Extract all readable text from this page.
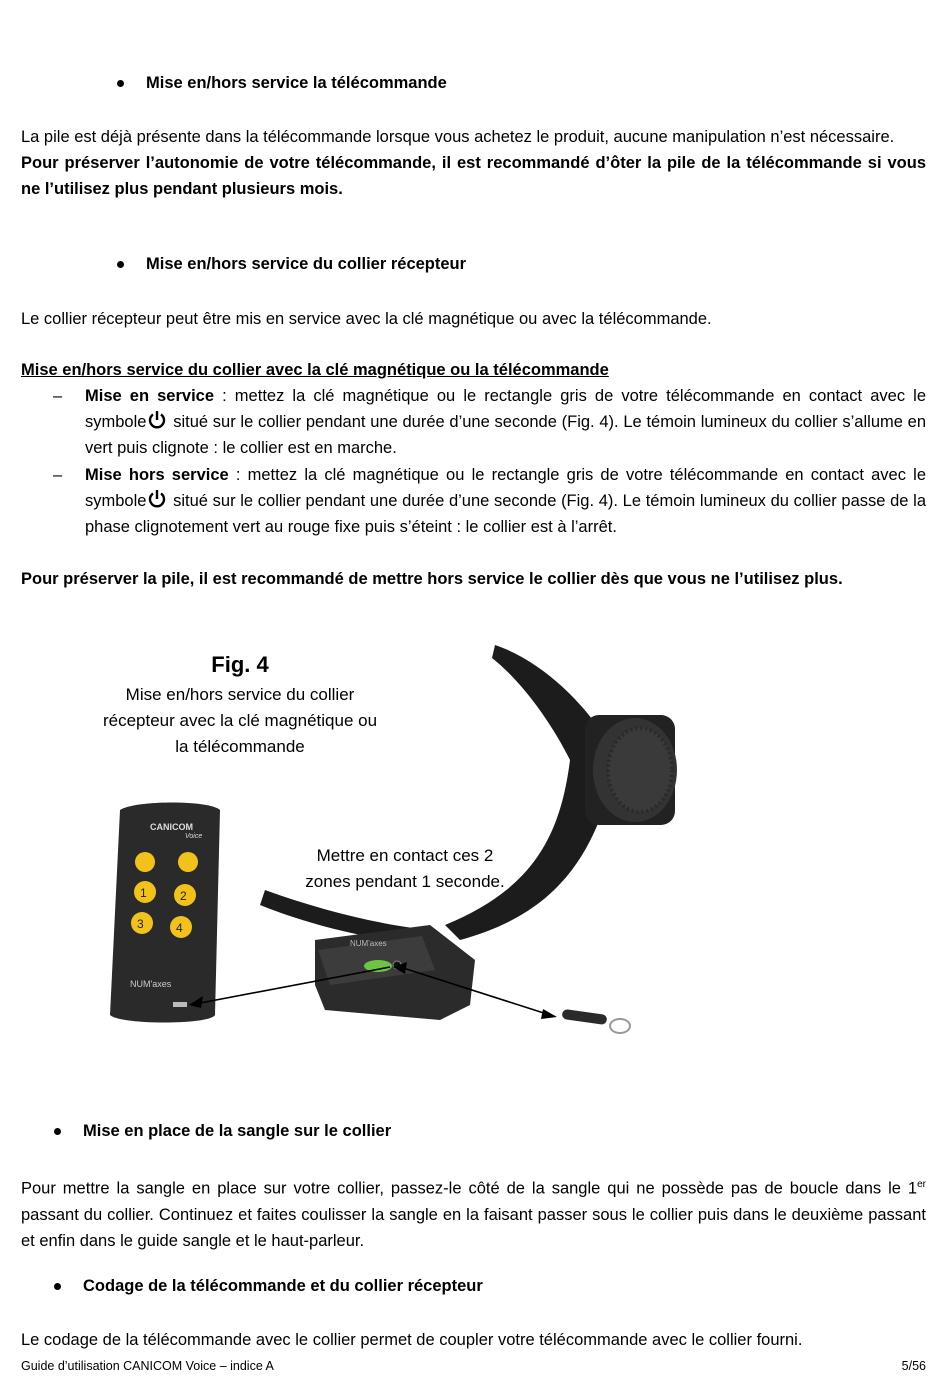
Mise en/hors service la télécommande
La pile est déjà présente dans la télécommande lorsque vous achetez le produit, aucune manipulation n’est nécessaire.
Pour préserver l’autonomie de votre télécommande, il est recommandé d’ôter la pile de la télécommande si vous ne l’utilisez plus pendant plusieurs mois.
Mise en/hors service du collier récepteur
Le collier récepteur peut être mis en service avec la clé magnétique ou avec la télécommande.
Mise en/hors service du collier avec la clé magnétique ou la télécommande
– Mise en service : mettez la clé magnétique ou le rectangle gris de votre télécommande en contact avec le symbole situé sur le collier pendant une durée d’une seconde (Fig. 4). Le témoin lumineux du collier s’allume en vert puis clignote : le collier est en marche.
– Mise hors service : mettez la clé magnétique ou le rectangle gris de votre télécommande en contact avec le symbole situé sur le collier pendant une durée d’une seconde (Fig. 4). Le témoin lumineux du collier passe de la phase clignotement vert au rouge fixe puis s’éteint : le collier est à l’arrêt.
Pour préserver la pile, il est recommandé de mettre hors service le collier dès que vous ne l’utilisez plus.
Fig. 4
Mise en/hors service du collier
récepteur avec la clé magnétique ou
la télécommande
Mettre en contact ces 2
zones pendant 1 seconde.
1	2
3	4
CANICOM
Voice
NUM'axes
NUM'axes
Mise en place de la sangle sur le collier
Pour mettre la sangle en place sur votre collier, passez-le côté de la sangle qui ne possède pas de boucle dans le 1er passant du collier. Continuez et faites coulisser la sangle en la faisant passer sous le collier puis dans le deuxième passant et enfin dans le guide sangle et le haut-parleur.
Codage de la télécommande et du collier récepteur
Le codage de la télécommande avec le collier permet de coupler votre télécommande avec le collier fourni.
Guide d’utilisation CANICOM Voice – indice A	5/56
